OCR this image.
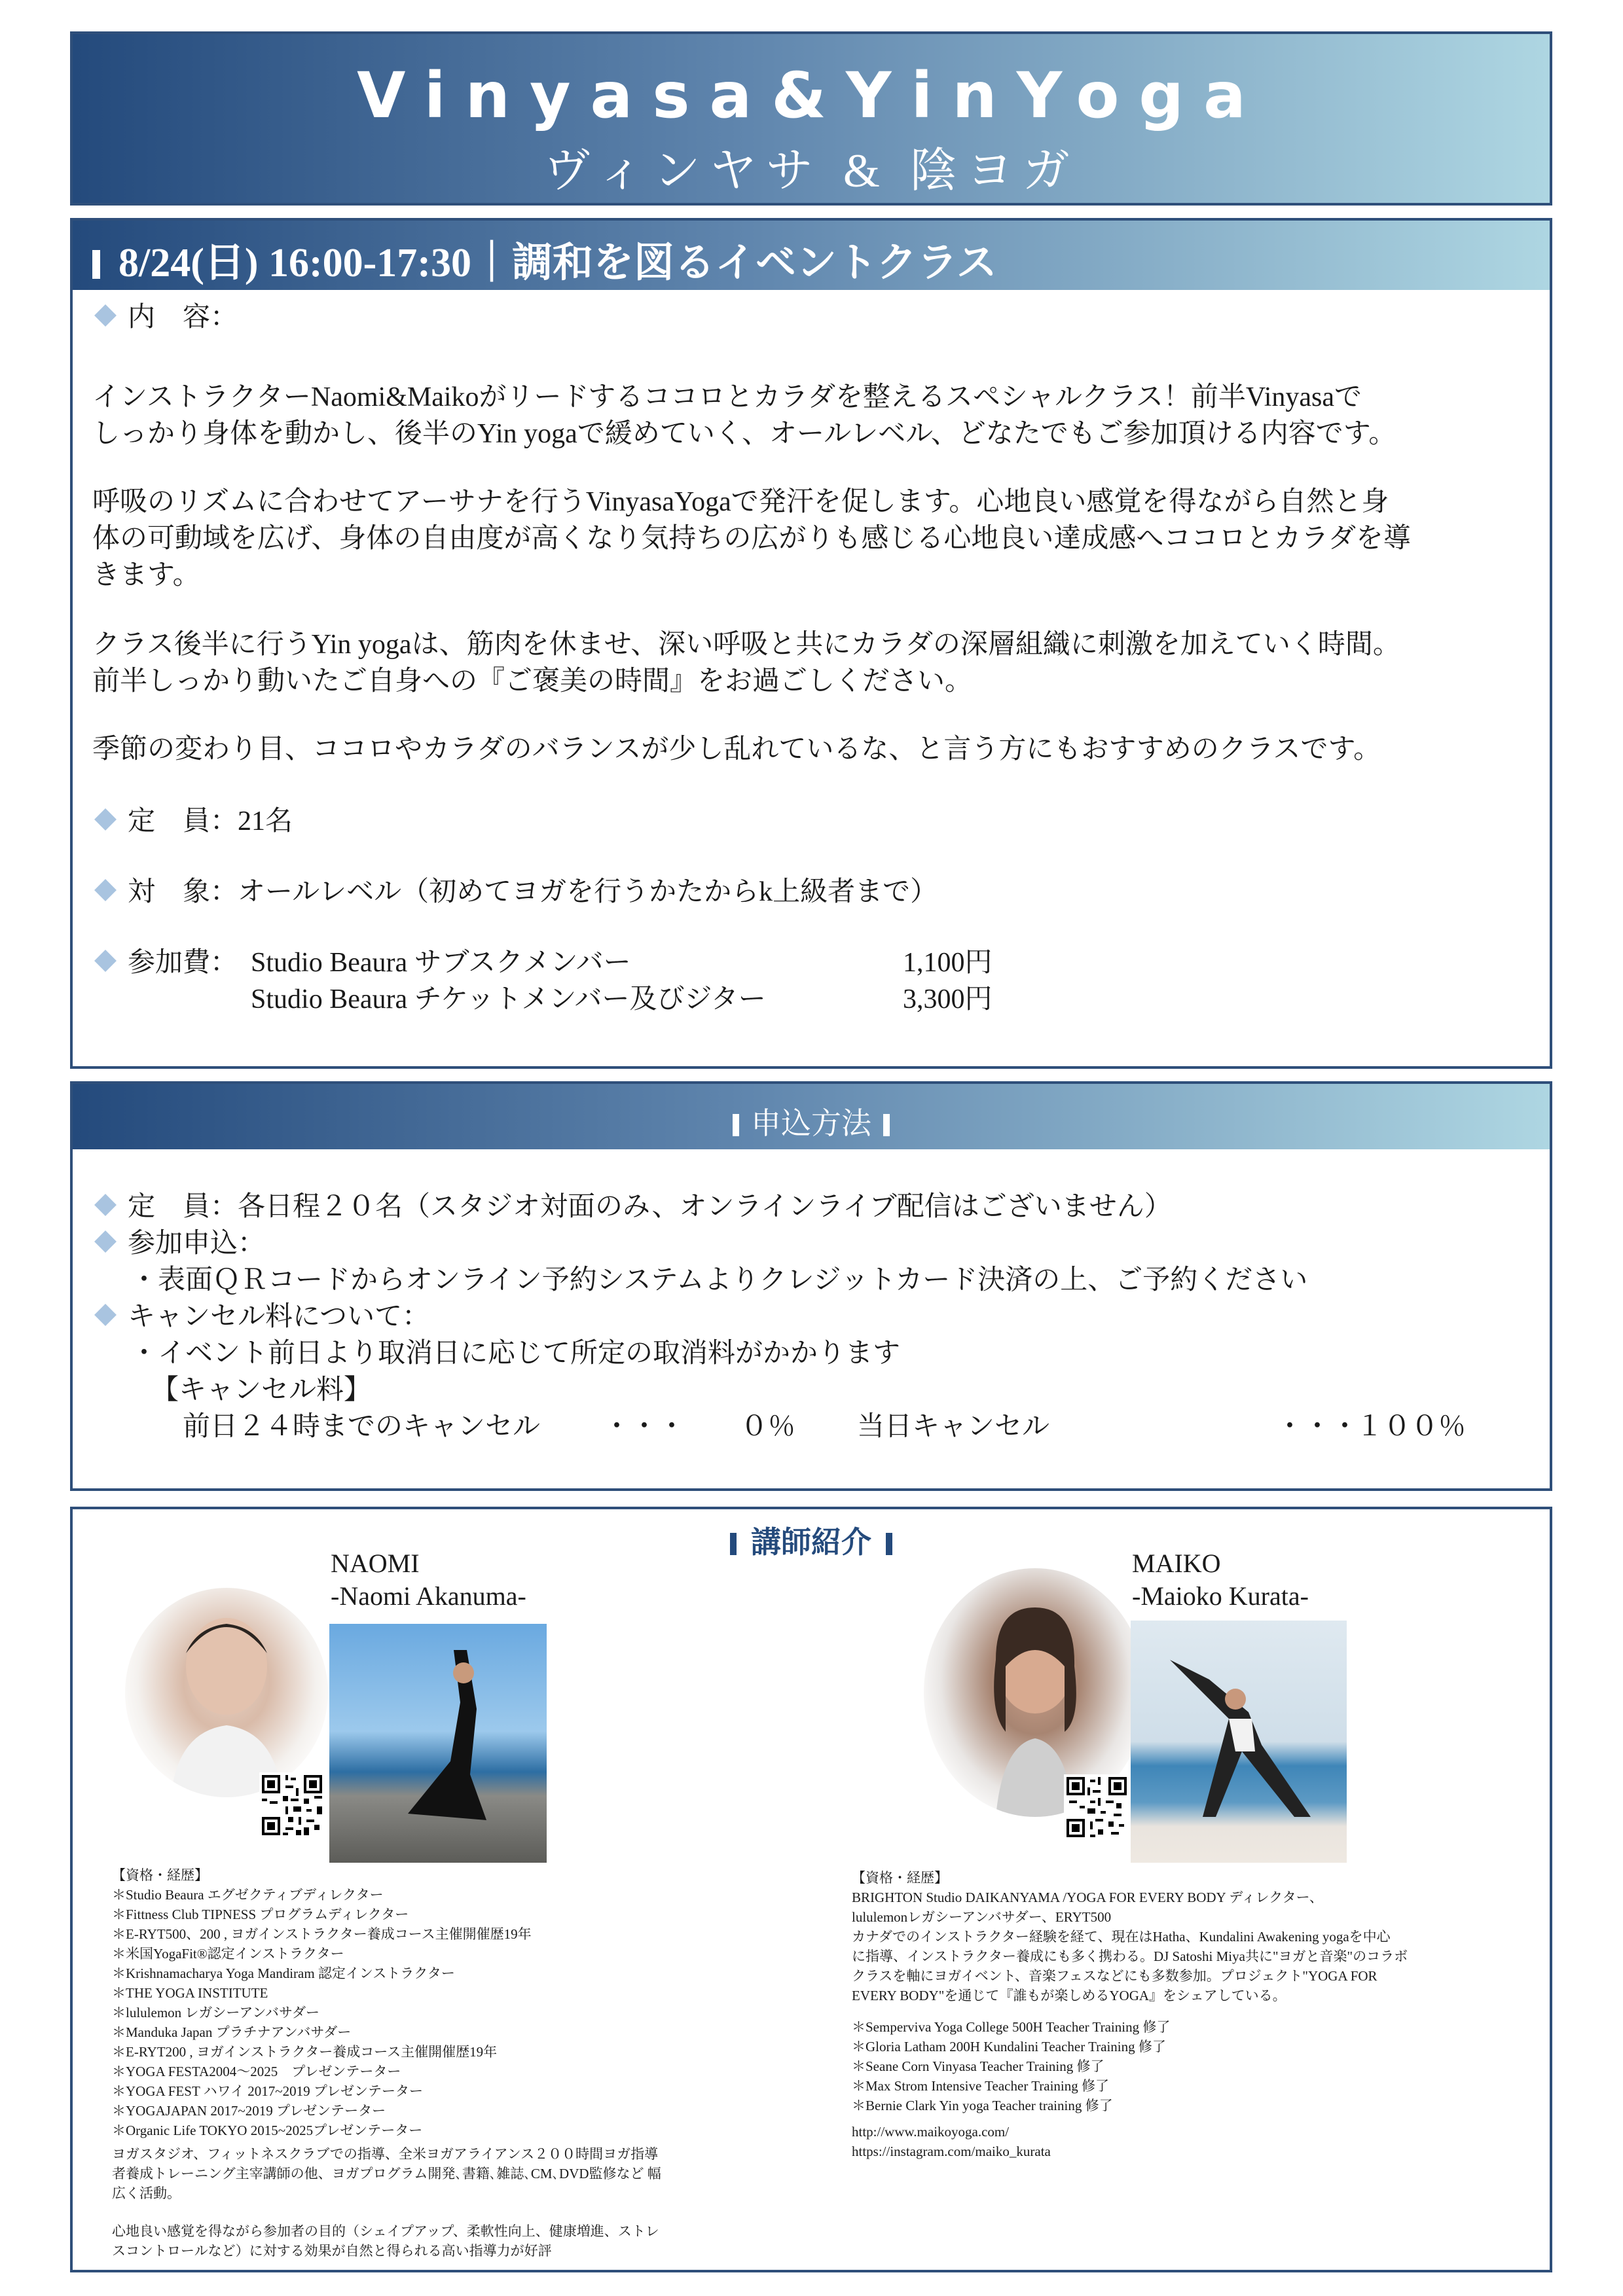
Vinyasa&YinYoga
ヴィンヤサ & 陰ヨガ
8/24(日) 16:00-17:30｜調和を図るイベントクラス
内　容：
インストラクターNaomi&Maikoがリードするココロとカラダを整えるスペシャルクラス！前半Vinyasaで
しっかり身体を動かし、後半のYin yogaで緩めていく、オールレベル、どなたでもご参加頂ける内容です。
呼吸のリズムに合わせてアーサナを行うVinyasaYogaで発汗を促します。心地良い感覚を得ながら自然と身
体の可動域を広げ、身体の自由度が高くなり気持ちの広がりも感じる心地良い達成感へココロとカラダを導
きます。
クラス後半に行うYin yogaは、筋肉を休ませ、深い呼吸と共にカラダの深層組織に刺激を加えていく時間。
前半しっかり動いたご自身への『ご褒美の時間』をお過ごしください。
季節の変わり目、ココロやカラダのバランスが少し乱れているな、と言う方にもおすすめのクラスです。
定　員：21名
対　象：オールレベル（初めてヨガを行うかたからk上級者まで）
参加費： Studio Beaura サブスクメンバー	1,100円
Studio Beaura チケットメンバー及びジター	3,300円
申込方法
定　員：各日程２０名（スタジオ対面のみ、オンラインライブ配信はございません）
参加申込：
・表面ＱＲコードからオンライン予約システムよりクレジットカード決済の上、ご予約ください
キャンセル料について：
・イベント前日より取消日に応じて所定の取消料がかかります
【キャンセル料】
前日２４時までのキャンセル ・・・ ０％ 当日キャンセル	・・・
１００％
講師紹介
NAOMI
-Naomi Akanuma-
【資格・経歴】
＊Studio Beaura エグゼクティブディレクター
＊Fittness Club TIPNESS プログラムディレクター
＊E-RYT500、200 , ヨガインストラクター養成コース主催開催歴19年
＊米国YogaFit®認定インストラクター
＊Krishnamacharya Yoga Mandiram 認定インストラクター
＊THE YOGA INSTITUTE
＊lululemon レガシーアンバサダー
＊Manduka Japan プラチナアンバサダー
＊E-RYT200 , ヨガインストラクター養成コース主催開催歴19年
＊YOGA FESTA2004～2025　プレゼンテーター
＊YOGA FEST ハワイ 2017~2019 プレゼンテーター
＊YOGAJAPAN 2017~2019 プレゼンテーター
＊Organic Life TOKYO 2015~2025プレゼンテーター
ヨガスタジオ、フィットネスクラブでの指導、全米ヨガアライアンス２００時間ヨガ指導
者養成トレーニング主宰講師の他、ヨガプログラム開発､書籍､雑誌､CM､DVD監修など 幅
広く活動。
心地良い感覚を得ながら参加者の目的（シェイプアップ、柔軟性向上、健康増進、ストレ
スコントロールなど）に対する効果が自然と得られる高い指導力が好評
MAIKO
-Maioko Kurata-
【資格・経歴】
BRIGHTON Studio DAIKANYAMA /YOGA FOR EVERY BODY ディレクター、
lululemonレガシーアンバサダー、ERYT500
カナダでのインストラクター経験を経て、現在はHatha、Kundalini Awakening yogaを中心
に指導、インストラクター養成にも多く携わる。DJ Satoshi Miya共に"ヨガと音楽"のコラボ
クラスを軸にヨガイベント、音楽フェスなどにも多数参加。プロジェクト"YOGA FOR
EVERY BODY"を通じて『誰もが楽しめるYOGA』をシェアしている。
＊Semperviva Yoga College 500H Teacher Training 修了
＊Gloria Latham 200H Kundalini Teacher Training 修了
＊Seane Corn Vinyasa Teacher Training 修了
＊Max Strom Intensive Teacher Training 修了
＊Bernie Clark Yin yoga Teacher training 修了
http://www.maikoyoga.com/
https://instagram.com/maiko_kurata
